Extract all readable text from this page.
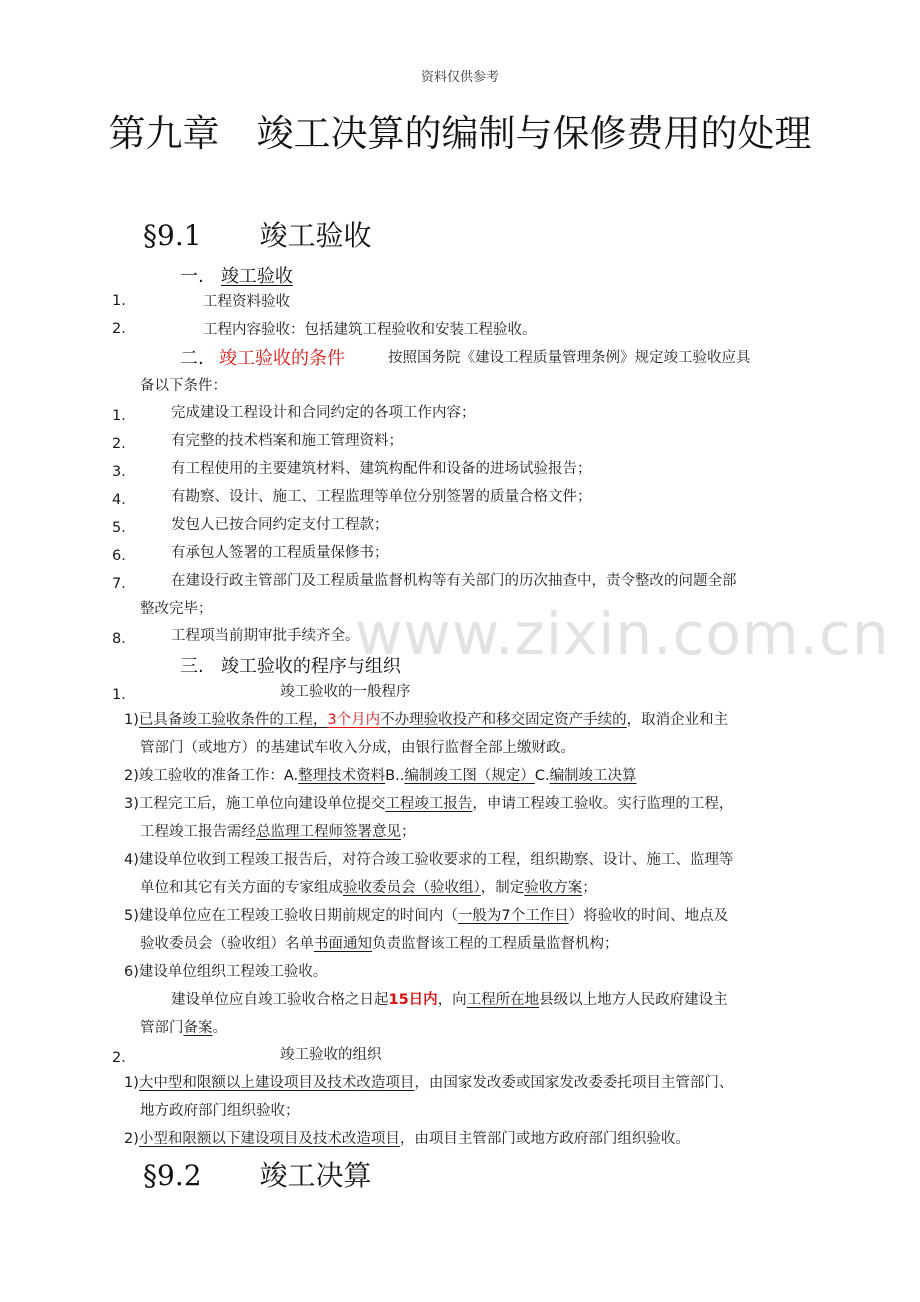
资料仅供参考
第九章　竣工决算的编制与保修费用的处理
§9.1 竣工验收
一. 竣工验收
1.	工程资料验收
2.	工程内容验收：包括建筑工程验收和安装工程验收。
二. 竣工验收的条件	按照国务院《建设工程质量管理条例》规定竣工验收应具
备以下条件：
1． 完成建设工程设计和合同约定的各项工作内容；
2． 有完整的技术档案和施工管理资料；
3． 有工程使用的主要建筑材料、建筑构配件和设备的进场试验报告；
4． 有勘察、设计、施工、工程监理等单位分别签署的质量合格文件；
5． 发包人已按合同约定支付工程款；
6． 有承包人签署的工程质量保修书；
7． 在建设行政主管部门及工程质量监督机构等有关部门的历次抽查中，责令整改的问题全部
整改完毕；
8． 工程项当前期审批手续齐全。
三. 竣工验收的程序与组织
1．	竣工验收的一般程序
1)已具备竣工验收条件的工程，3个月内不办理验收投产和移交固定资产手续的，取消企业和主
管部门（或地方）的基建试车收入分成，由银行监督全部上缴财政。
2)竣工验收的准备工作：A.整理技术资料B..编制竣工图（规定）C.编制竣工决算
3)工程完工后，施工单位向建设单位提交工程竣工报告，申请工程竣工验收。实行监理的工程，
工程竣工报告需经总监理工程师签署意见；
4)建设单位收到工程竣工报告后，对符合竣工验收要求的工程，组织勘察、设计、施工、监理等
单位和其它有关方面的专家组成验收委员会（验收组），制定验收方案；
5)建设单位应在工程竣工验收日期前规定的时间内（一般为7个工作日）将验收的时间、地点及
验收委员会（验收组）名单书面通知负责监督该工程的工程质量监督机构；
6)建设单位组织工程竣工验收。
建设单位应自竣工验收合格之日起15日内，向工程所在地县级以上地方人民政府建设主
管部门备案。
2．	竣工验收的组织
1)大中型和限额以上建设项目及技术改造项目，由国家发改委或国家发改委委托项目主管部门、
地方政府部门组织验收；
2)小型和限额以下建设项目及技术改造项目，由项目主管部门或地方政府部门组织验收。
§9.2 竣工决算
www.zixin.com.cn
